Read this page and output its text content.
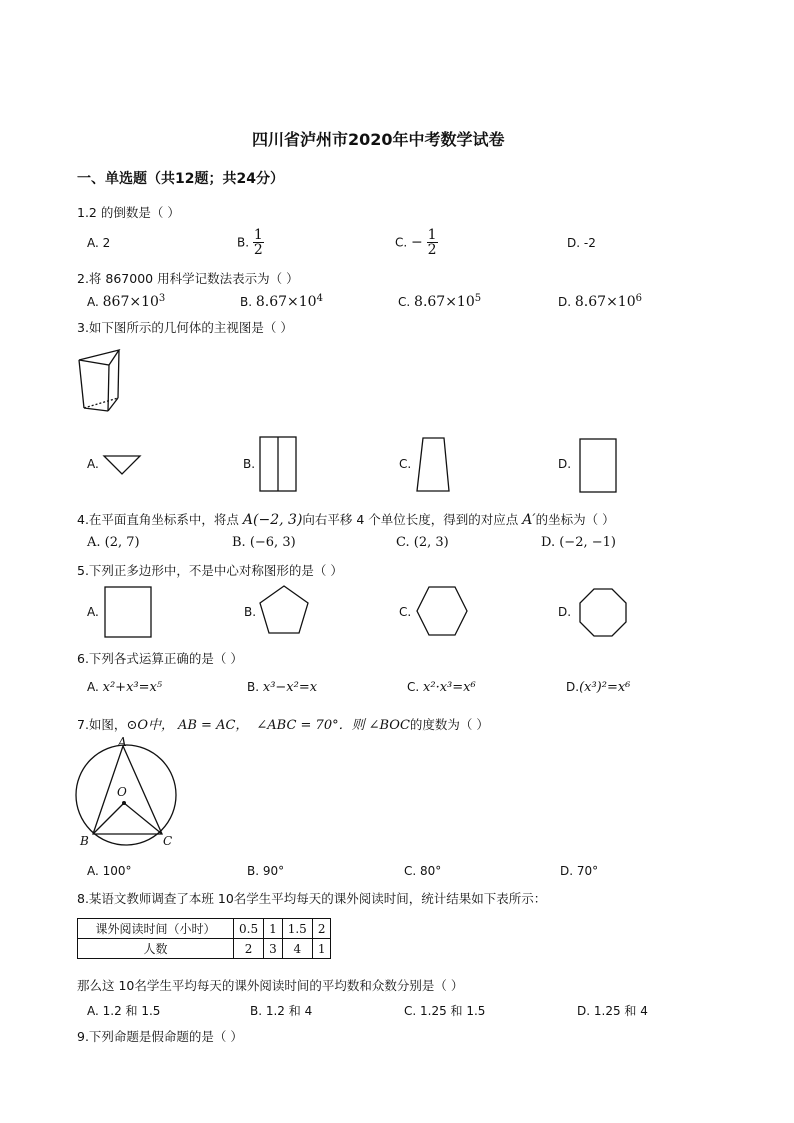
四川省泸州市2020年中考数学试卷
一、单选题（共12题；共24分）
1.2 的倒数是（ ）
A. 2	B. $\frac{1}{2}$	C. − $\frac{1}{2}$	D. -2
2.将 867000 用科学记数法表示为（ ）
A. $867\times 10^3$	B. $8.67\times 10^4$	C. $8.67\times 10^5$	D. $8.67\times 10^6$
3.如下图所示的几何体的主视图是（ ）
A.	B.	C.	D.
4.在平面直角坐标系中，将点 A(−2, 3)向右平移 4 个单位长度，得到的对应点 A′的坐标为（ ）
A. (2, 7)	B. (−6, 3)	C. (2, 3)	D. (−2, −1)
5.下列正多边形中，不是中心对称图形的是（ ）
A.	B.	C.	D.
6.下列各式运算正确的是（ ）
A. x²+x³=x⁵	B. x³−x²=x	C. x²·x³=x⁶	D.(x³)²=x⁶
7.如图，⊙O中， AB = AC， ∠ABC = 70°．则 ∠BOC的度数为（ ）
A
O
B	C
A. 100°	B. 90°	C. 80°	D. 70°
8.某语文教师调查了本班 10名学生平均每天的课外阅读时间，统计结果如下表所示：
课外阅读时间（小时）	0.5	1	1.5	2
人数	2	3	4	1
那么这 10名学生平均每天的课外阅读时间的平均数和众数分别是（ ）
A. 1.2 和 1.5	B. 1.2 和 4	C. 1.25 和 1.5	D. 1.25 和 4
9.下列命题是假命题的是（ ）
